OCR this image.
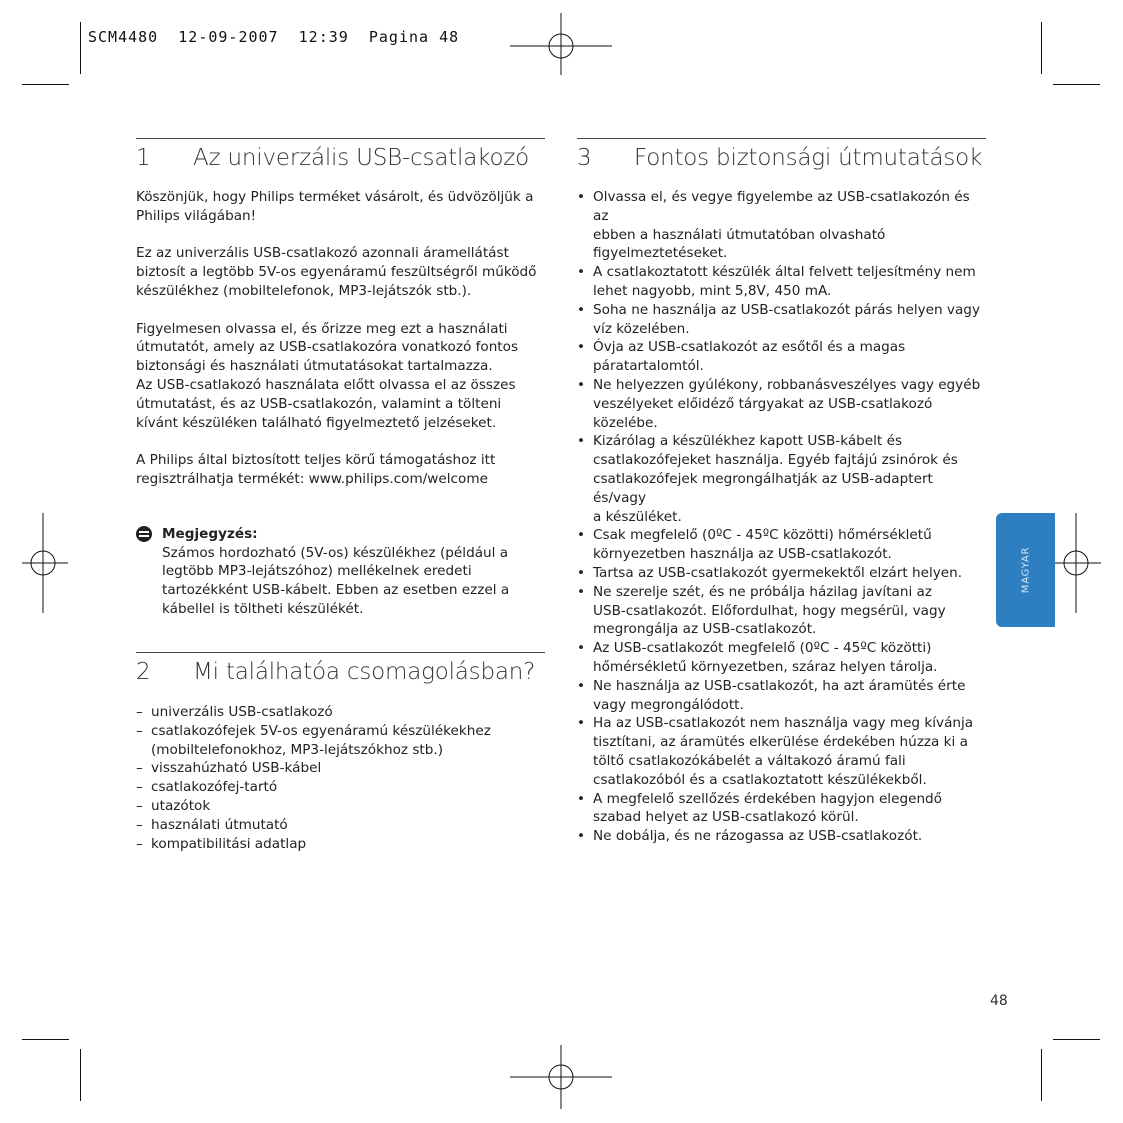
SCM4480  12-09-2007  12:39  Pagina 48
1	Az univerzális USB-csatlakozó
Köszönjük, hogy Philips terméket vásárolt, és üdvözöljük a
Philips világában!
Ez az univerzális USB-csatlakozó azonnali áramellátást
biztosít a legtöbb 5V-os egyenáramú feszültségről működő
készülékhez (mobiltelefonok, MP3-lejátszók stb.).
Figyelmesen olvassa el, és őrizze meg ezt a használati
útmutatót, amely az USB-csatlakozóra vonatkozó fontos
biztonsági és használati útmutatásokat tartalmazza.
Az USB-csatlakozó használata előtt olvassa el az összes
útmutatást, és az USB-csatlakozón, valamint a tölteni
kívánt készüléken található figyelmeztető jelzéseket.
A Philips által biztosított teljes körű támogatáshoz itt
regisztrálhatja termékét: www.philips.com/welcome
Megjegyzés:
Számos hordozható (5V-os) készülékhez (például a
legtöbb MP3-lejátszóhoz) mellékelnek eredeti
tartozékként USB-kábelt. Ebben az esetben ezzel a
kábellel is töltheti készülékét.
2	Mi találhatóa csomagolásban?
– univerzális USB-csatlakozó
– csatlakozófejek 5V-os egyenáramú készülékekhez
(mobiltelefonokhoz, MP3-lejátszókhoz stb.)
– visszahúzható USB-kábel
– csatlakozófej-tartó
– utazótok
– használati útmutató
– kompatibilitási adatlap
3	Fontos biztonsági útmutatások
• Olvassa el, és vegye figyelembe az USB-csatlakozón és az
ebben a használati útmutatóban olvasható
figyelmeztetéseket.
• A csatlakoztatott készülék által felvett teljesítmény nem
lehet nagyobb, mint 5,8V, 450 mA.
• Soha ne használja az USB-csatlakozót párás helyen vagy
víz közelében.
• Óvja az USB-csatlakozót az esőtől és a magas
páratartalomtól.
• Ne helyezzen gyúlékony, robbanásveszélyes vagy egyéb
veszélyeket előidéző tárgyakat az USB-csatlakozó
közelébe.
• Kizárólag a készülékhez kapott USB-kábelt és
csatlakozófejeket használja. Egyéb fajtájú zsinórok és
csatlakozófejek megrongálhatják az USB-adaptert és/vagy
a készüléket.
• Csak megfelelő (0ºC - 45ºC közötti) hőmérsékletű
környezetben használja az USB-csatlakozót.
• Tartsa az USB-csatlakozót gyermekektől elzárt helyen.
• Ne szerelje szét, és ne próbálja házilag javítani az
USB-csatlakozót. Előfordulhat, hogy megsérül, vagy
megrongálja az USB-csatlakozót.
• Az USB-csatlakozót megfelelő (0ºC - 45ºC közötti)
hőmérsékletű környezetben, száraz helyen tárolja.
• Ne használja az USB-csatlakozót, ha azt áramütés érte
vagy megrongálódott.
• Ha az USB-csatlakozót nem használja vagy meg kívánja
tisztítani, az áramütés elkerülése érdekében húzza ki a
töltő csatlakozókábelét a váltakozó áramú fali
csatlakozóból és a csatlakoztatott készülékekből.
• A megfelelő szellőzés érdekében hagyjon elegendő
szabad helyet az USB-csatlakozó körül.
• Ne dobálja, és ne rázogassa az USB-csatlakozót.
MAGYAR
48
